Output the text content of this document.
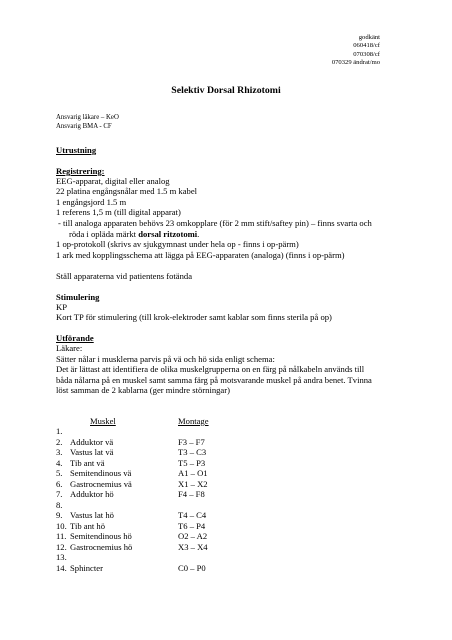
godkänt
060418/cf
070308/cf
070329 ändrat/mo
Selektiv Dorsal Rhizotomi
Ansvarig läkare – KeO
Ansvarig BMA - CF
Utrustning
Registrering:
EEG-apparat, digital eller analog
22 platina engångsnålar med 1.5 m kabel
1 engångsjord 1.5 m
1 referens 1,5 m (till digital apparat)
- till analoga apparaten behövs 23 omkopplare (för 2 mm stift/saftey pin) – finns svarta och
röda i opläda märkt dorsal ritzotomi.
1 op-protokoll (skrivs av sjukgymnast under hela op - finns i op-pärm)
1 ark med kopplingsschema att lägga på EEG-apparaten (analoga) (finns i op-pärm)
Ställ apparaterna vid patientens fotända
Stimulering
KP
Kort TP för stimulering (till krok-elektroder samt kablar som finns sterila på op)
Utförande
Läkare:
Sätter nålar i musklerna parvis på vä och hö sida enligt schema:
Det är lättast att identifiera de olika muskelgrupperna on en färg på nålkabeln används till
båda nålarna på en muskel samt samma färg på motsvarande muskel på andra benet. Tvinna
löst samman de 2 kablarna (ger mindre störningar)
Muskel	Montage
1.
2. Adduktor vä	F3 – F7
3. Vastus lat vä	T3 – C3
4. Tib ant vä	T5 – P3
5. Semitendinous vä	A1 – O1
6. Gastrocnemius vä	X1 – X2
7. Adduktor hö	F4 – F8
8.
9. Vastus lat hö	T4 – C4
10. Tib ant hö	T6 – P4
11. Semitendinous hö	O2 – A2
12. Gastrocnemius hö	X3 – X4
13.
14. Sphincter	C0 – P0
